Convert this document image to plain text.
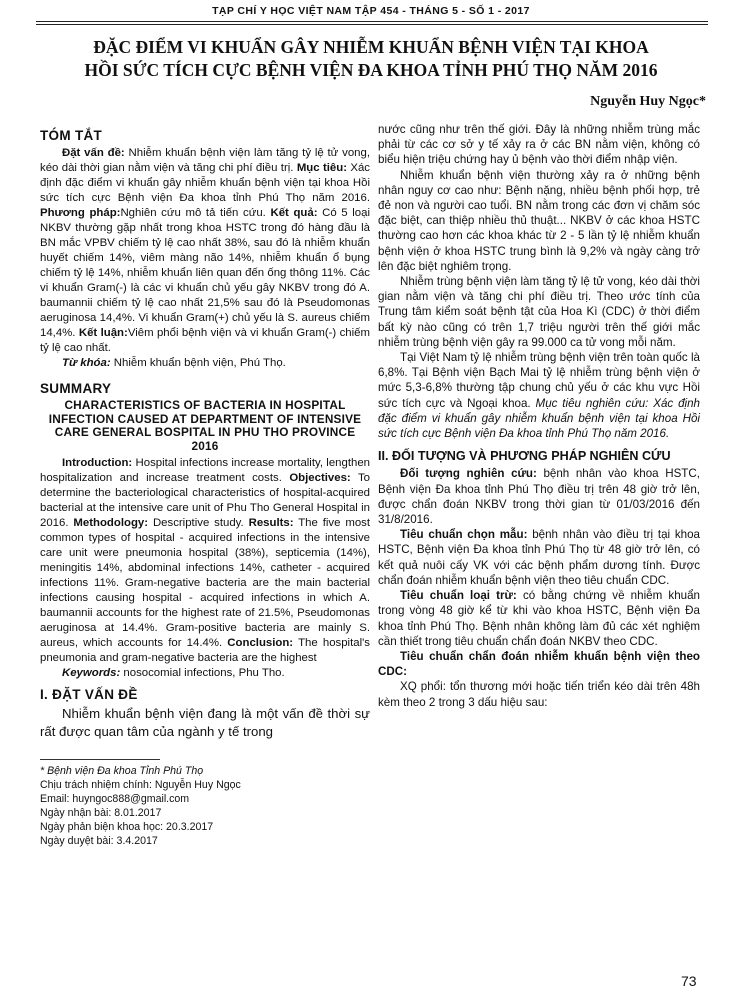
TẠP CHÍ Y HỌC VIỆT NAM TẬP 454 - THÁNG 5 - SỐ 1 - 2017
ĐẶC ĐIỂM VI KHUẨN GÂY NHIỄM KHUẨN BỆNH VIỆN TẠI KHOA
HỒI SỨC TÍCH CỰC BỆNH VIỆN ĐA KHOA TỈNH PHÚ THỌ NĂM 2016
Nguyễn Huy Ngọc*
TÓM TẮT

Đặt vấn đề: Nhiễm khuẩn bệnh viện làm tăng tỷ lệ tử vong, kéo dài thời gian nằm viện và tăng chi phí điều trị. Mục tiêu: Xác định đặc điểm vi khuẩn gây nhiễm khuẩn bệnh viện tại khoa Hồi sức tích cực Bệnh viện Đa khoa tỉnh Phú Thọ năm 2016. Phương pháp:Nghiên cứu mô tả tiến cứu. Kết quả: Có 5 loại NKBV thường gặp nhất trong khoa HSTC trong đó hàng đầu là BN mắc VPBV chiếm tỷ lệ cao nhất 38%, sau đó là nhiễm khuẩn huyết chiếm 14%, viêm màng não 14%, nhiễm khuẩn ổ bụng chiếm tỷ lệ 14%, nhiễm khuẩn liên quan đến ống thông 11%. Các vi khuẩn Gram(-) là các vi khuẩn chủ yếu gây NKBV trong đó A. baumannii chiếm tỷ lệ cao nhất 21,5% sau đó là Pseudomonas aeruginosa 14,4%. Vi khuẩn Gram(+) chủ yếu là S. aureus chiếm 14,4%. Kết luận:Viêm phổi bệnh viện và vi khuẩn Gram(-) chiếm tỷ lệ cao nhất.

Từ khóa: Nhiễm khuẩn bệnh viện, Phú Thọ.

SUMMARY
CHARACTERISTICS OF BACTERIA IN HOSPITAL INFECTION CAUSED AT DEPARTMENT OF INTENSIVE CARE GENERAL BOSPITAL IN PHU THO PROVINCE 2016

Introduction: Hospital infections increase mortality, lengthen hospitalization and increase treatment costs. Objectives: To determine the bacteriological characteristics of hospital-acquired bacterial at the intensive care unit of Phu Tho General Hospital in 2016. Methodology: Descriptive study. Results: The five most common types of hospital - acquired infections in the intensive care unit were pneumonia hospital (38%), septicemia (14%), meningitis 14%, abdominal infections 14%, catheter - acquired infections 11%. Gram-negative bacteria are the main bacterial infections causing hospital - acquired infections in which A. baumannii accounts for the highest rate of 21.5%, Pseudomonas aeruginosa at 14.4%. Gram-positive bacteria are mainly S. aureus, which accounts for 14.4%. Conclusion: The hospital's pneumonia and gram-negative bacteria are the highest

Keywords: nosocomial infections, Phu Tho.

I. ĐẶT VẤN ĐỀ

Nhiễm khuẩn bệnh viện đang là một vấn đề thời sự rất được quan tâm của ngành y tế trong

* Bệnh viện Đa khoa Tỉnh Phú Thọ
Chịu trách nhiệm chính: Nguyễn Huy Ngọc
Email: huyngoc888@gmail.com
Ngày nhận bài: 8.01.2017
Ngày phản biện khoa học: 20.3.2017
Ngày duyệt bài: 3.4.2017

nước cũng như trên thế giới. Đây là những nhiễm trùng mắc phải từ các cơ sở y tế xảy ra ở các BN nằm viện, không có biểu hiện triệu chứng hay ủ bệnh vào thời điểm nhập viện.

Nhiễm khuẩn bệnh viện thường xảy ra ở những bệnh nhân nguy cơ cao như: Bệnh nặng, nhiều bệnh phối hợp, trẻ đẻ non và người cao tuổi. BN nằm trong các đơn vị chăm sóc đặc biệt, can thiệp nhiều thủ thuật... NKBV ở các khoa HSTC thường cao hơn các khoa khác từ 2 - 5 lần tỷ lệ nhiễm khuẩn bệnh viện ở khoa HSTC trung bình là 9,2% và ngày càng trở lên đặc biệt nghiêm trọng.

Nhiễm trùng bệnh viện làm tăng tỷ lệ tử vong, kéo dài thời gian nằm viện và tăng chi phí điều trị. Theo ước tính của Trung tâm kiểm soát bệnh tật của Hoa Kì (CDC) ở thời điểm bất kỳ nào cũng có trên 1,7 triệu người trên thế giới mắc nhiễm trùng bệnh viện gây ra 99.000 ca tử vong mỗi năm.

Tại Việt Nam tỷ lệ nhiễm trùng bệnh viện trên toàn quốc là 6,8%. Tại Bệnh viện Bạch Mai tỷ lệ nhiễm trùng bệnh viện ở mức 5,3-6,8% thường tập chung chủ yếu ở các khu vực Hồi sức tích cực và Ngoại khoa. Mục tiêu nghiên cứu: Xác định đặc điểm vi khuẩn gây nhiễm khuẩn bệnh viện tại khoa Hồi sức tích cực Bệnh viện Đa khoa tỉnh Phú Thọ năm 2016.

II. ĐỐI TƯỢNG VÀ PHƯƠNG PHÁP NGHIÊN CỨU

Đối tượng nghiên cứu: bệnh nhân vào khoa HSTC, Bệnh viện Đa khoa tỉnh Phú Thọ điều trị trên 48 giờ trở lên, được chẩn đoán NKBV trong thời gian từ 01/03/2016 đến 31/8/2016.

Tiêu chuẩn chọn mẫu: bệnh nhân vào điều trị tại khoa HSTC, Bệnh viện Đa khoa tỉnh Phú Thọ từ 48 giờ trở lên, có kết quả nuôi cấy VK với các bệnh phẩm dương tính. Được chẩn đoán nhiễm khuẩn bệnh viện theo tiêu chuẩn CDC.

Tiêu chuẩn loại trừ: có bằng chứng về nhiễm khuẩn trong vòng 48 giờ kể từ khi vào khoa HSTC, Bệnh viện Đa khoa tỉnh Phú Thọ. Bệnh nhân không làm đủ các xét nghiệm cần thiết trong tiêu chuẩn chẩn đoán NKBV theo CDC.

Tiêu chuẩn chẩn đoán nhiễm khuẩn bệnh viện theo CDC:

XQ phổi: tổn thương mới hoặc tiến triển kéo dài trên 48h kèm theo 2 trong 3 dấu hiệu sau:

73
